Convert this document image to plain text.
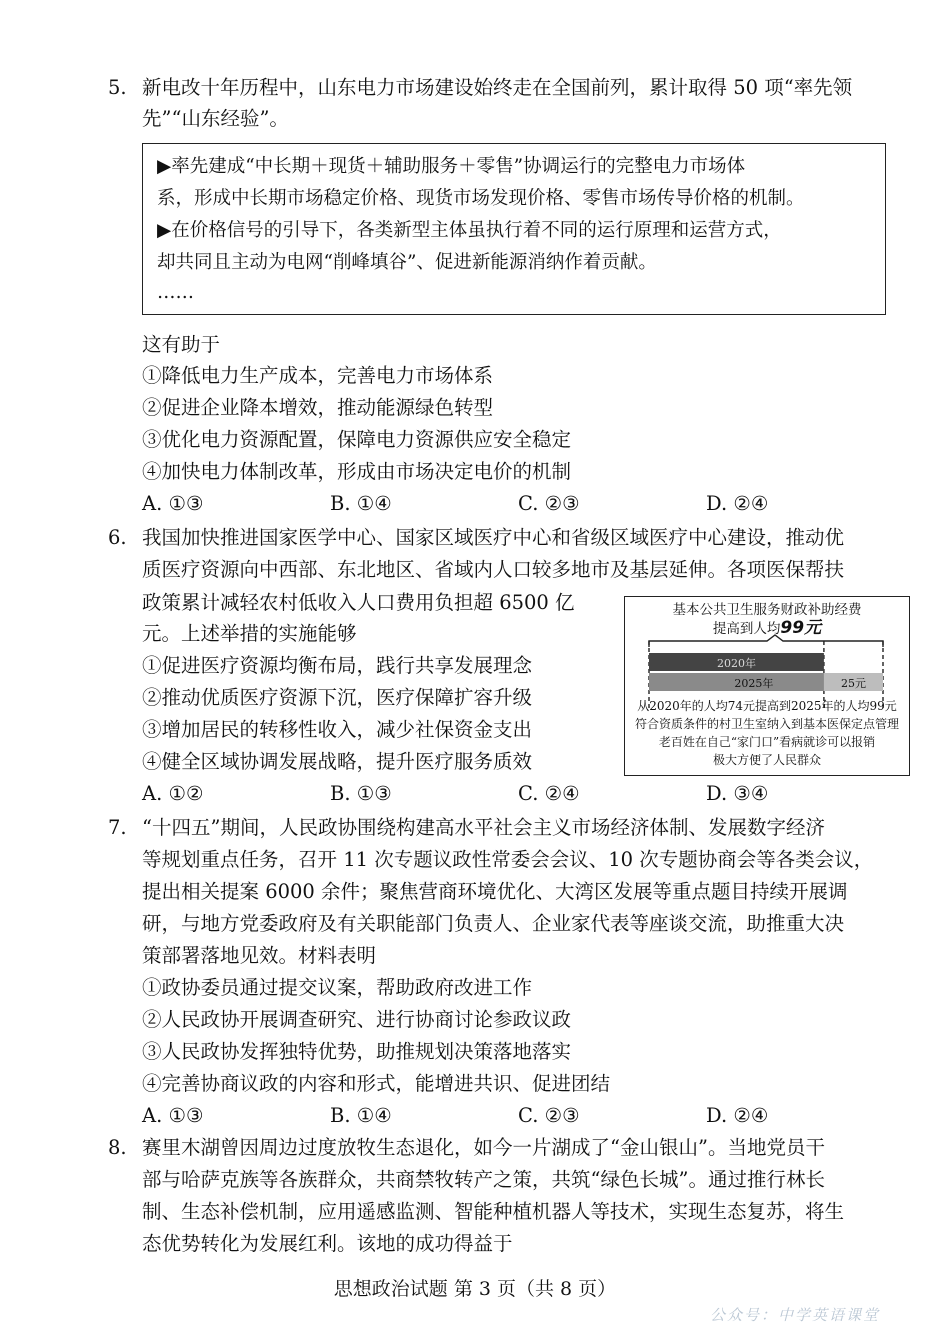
5. 新电改十年历程中，山东电力市场建设始终走在全国前列，累计取得 50 项“率先领
先”“山东经验”。
▶率先建成“中长期＋现货＋辅助服务＋零售”协调运行的完整电力市场体
系，形成中长期市场稳定价格、现货市场发现价格、零售市场传导价格的机制。
▶在价格信号的引导下，各类新型主体虽执行着不同的运行原理和运营方式，
却共同且主动为电网“削峰填谷”、促进新能源消纳作着贡献。
……
这有助于
①降低电力生产成本，完善电力市场体系
②促进企业降本增效，推动能源绿色转型
③优化电力资源配置，保障电力资源供应安全稳定
④加快电力体制改革，形成由市场决定电价的机制
A. ①③	B. ①④	C. ②③	D. ②④
6. 我国加快推进国家医学中心、国家区域医疗中心和省级区域医疗中心建设，推动优
质医疗资源向中西部、东北地区、省域内人口较多地市及基层延伸。各项医保帮扶
政策累计减轻农村低收入人口费用负担超 6500 亿
元。上述举措的实施能够
①促进医疗资源均衡布局，践行共享发展理念
②推动优质医疗资源下沉，医疗保障扩容升级
③增加居民的转移性收入，减少社保资金支出
④健全区域协调发展战略，提升医疗服务质效
A. ①②	B. ①③	C. ②④	D. ③④
基本公共卫生服务财政补助经费
提高到人均99元
2020年
2025年	25元
从2020年的人均74元提高到2025年的人均99元
符合资质条件的村卫生室纳入到基本医保定点管理
老百姓在自己“家门口”看病就诊可以报销
极大方便了人民群众
7. “十四五”期间，人民政协围绕构建高水平社会主义市场经济体制、发展数字经济
等规划重点任务，召开 11 次专题议政性常委会会议、10 次专题协商会等各类会议，
提出相关提案 6000 余件；聚焦营商环境优化、大湾区发展等重点题目持续开展调
研，与地方党委政府及有关职能部门负责人、企业家代表等座谈交流，助推重大决
策部署落地见效。材料表明
①政协委员通过提交议案，帮助政府改进工作
②人民政协开展调查研究、进行协商讨论参政议政
③人民政协发挥独特优势，助推规划决策落地落实
④完善协商议政的内容和形式，能增进共识、促进团结
A. ①③	B. ①④	C. ②③	D. ②④
8. 赛里木湖曾因周边过度放牧生态退化，如今一片湖成了“金山银山”。当地党员干
部与哈萨克族等各族群众，共商禁牧转产之策，共筑“绿色长城”。通过推行林长
制、生态补偿机制，应用遥感监测、智能种植机器人等技术，实现生态复苏，将生
态优势转化为发展红利。该地的成功得益于
思想政治试题 第 3 页（共 8 页）
公众号：中学英语课堂
